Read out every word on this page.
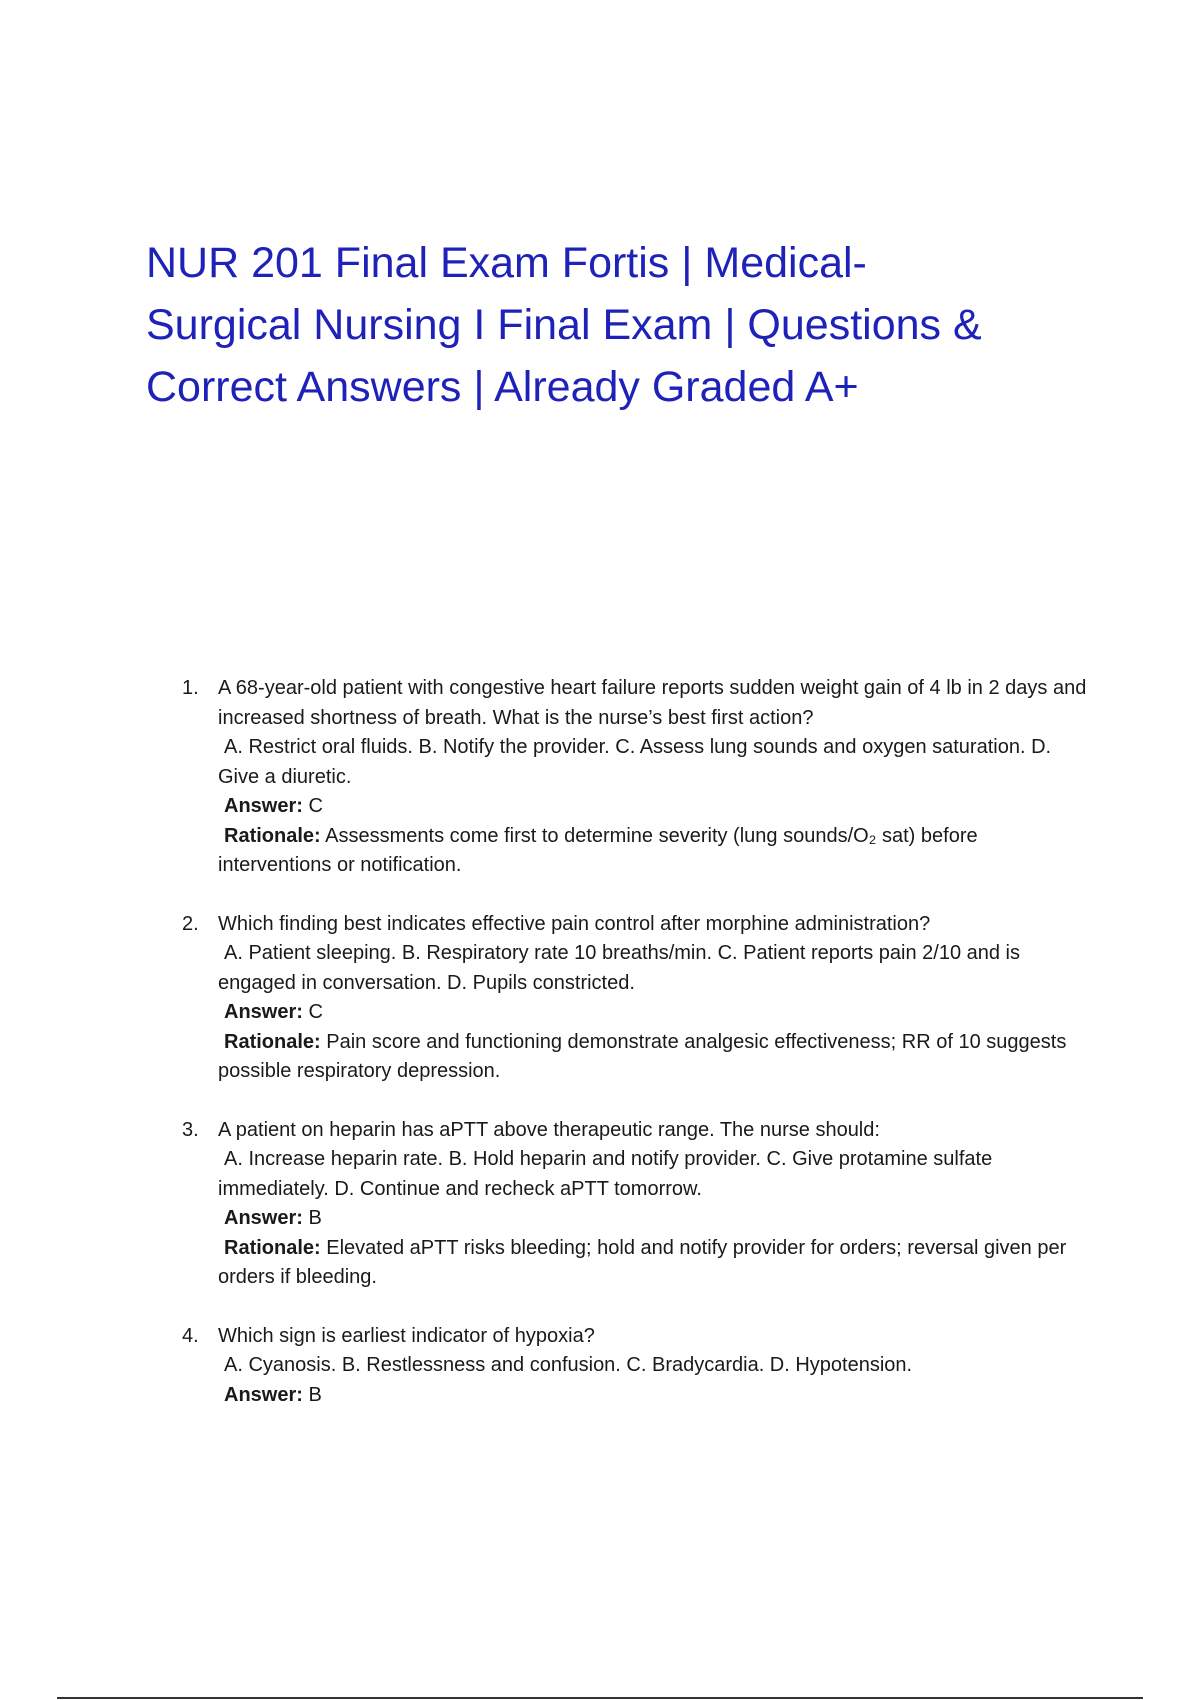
NUR 201 Final Exam Fortis | Medical-Surgical Nursing I Final Exam | Questions & Correct Answers | Already Graded A+
1. A 68-year-old patient with congestive heart failure reports sudden weight gain of 4 lb in 2 days and increased shortness of breath. What is the nurse’s best first action?
A. Restrict oral fluids. B. Notify the provider. C. Assess lung sounds and oxygen saturation. D. Give a diuretic.
Answer: C
Rationale: Assessments come first to determine severity (lung sounds/O₂ sat) before interventions or notification.
2. Which finding best indicates effective pain control after morphine administration?
A. Patient sleeping. B. Respiratory rate 10 breaths/min. C. Patient reports pain 2/10 and is engaged in conversation. D. Pupils constricted.
Answer: C
Rationale: Pain score and functioning demonstrate analgesic effectiveness; RR of 10 suggests possible respiratory depression.
3. A patient on heparin has aPTT above therapeutic range. The nurse should:
A. Increase heparin rate. B. Hold heparin and notify provider. C. Give protamine sulfate immediately. D. Continue and recheck aPTT tomorrow.
Answer: B
Rationale: Elevated aPTT risks bleeding; hold and notify provider for orders; reversal given per orders if bleeding.
4. Which sign is earliest indicator of hypoxia?
A. Cyanosis. B. Restlessness and confusion. C. Bradycardia. D. Hypotension.
Answer: B
